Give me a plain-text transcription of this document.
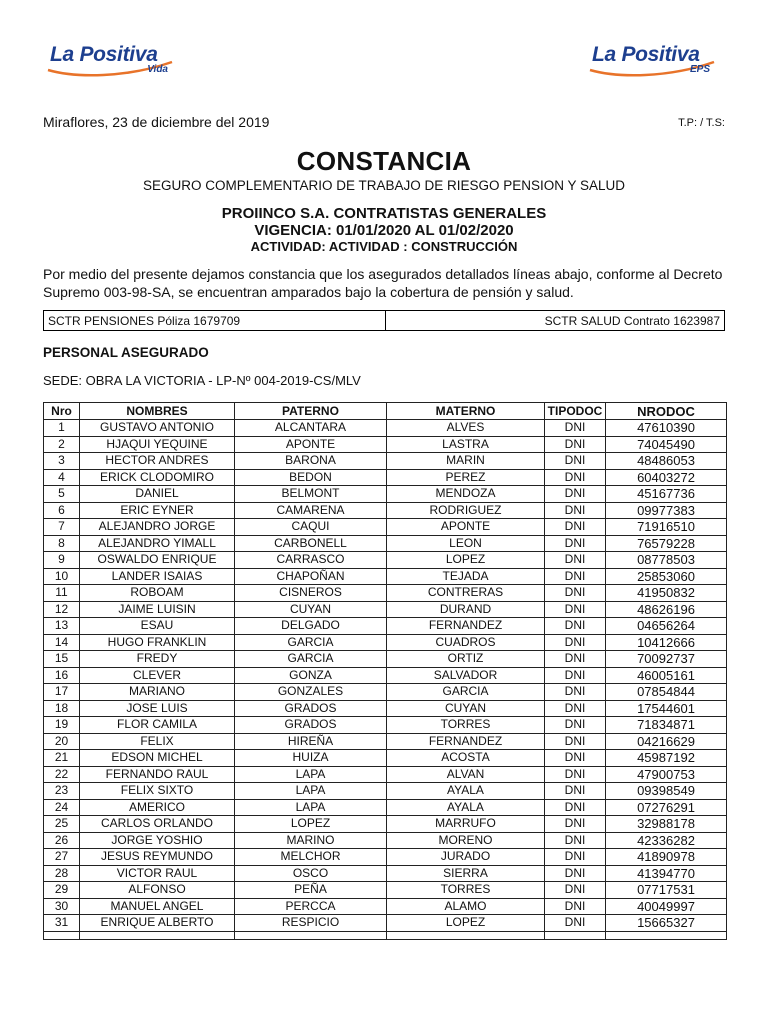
La Positiva
Vida
La Positiva
EPS
Miraflores, 23 de diciembre del 2019	T.P: / T.S:
CONSTANCIA
SEGURO COMPLEMENTARIO DE TRABAJO DE RIESGO PENSION Y SALUD
PROIINCO S.A. CONTRATISTAS GENERALES
VIGENCIA: 01/01/2020 AL 01/02/2020
ACTIVIDAD: ACTIVIDAD : CONSTRUCCIÓN
Por medio del presente dejamos constancia que los asegurados detallados líneas abajo, conforme al Decreto Supremo 003-98-SA, se encuentran amparados bajo la cobertura de pensión y salud.
SCTR PENSIONES Póliza 1679709	SCTR SALUD Contrato 1623987
PERSONAL ASEGURADO
SEDE: OBRA LA VICTORIA - LP-Nº 004-2019-CS/MLV
Nro	NOMBRES	PATERNO	MATERNO	TIPODOC	NRODOC
1	GUSTAVO ANTONIO	ALCANTARA	ALVES	DNI	47610390
2	HJAQUI YEQUINE	APONTE	LASTRA	DNI	74045490
3	HECTOR ANDRES	BARONA	MARIN	DNI	48486053
4	ERICK CLODOMIRO	BEDON	PEREZ	DNI	60403272
5	DANIEL	BELMONT	MENDOZA	DNI	45167736
6	ERIC EYNER	CAMARENA	RODRIGUEZ	DNI	09977383
7	ALEJANDRO JORGE	CAQUI	APONTE	DNI	71916510
8	ALEJANDRO YIMALL	CARBONELL	LEON	DNI	76579228
9	OSWALDO ENRIQUE	CARRASCO	LOPEZ	DNI	08778503
10	LANDER ISAIAS	CHAPOÑAN	TEJADA	DNI	25853060
11	ROBOAM	CISNEROS	CONTRERAS	DNI	41950832
12	JAIME LUISIN	CUYAN	DURAND	DNI	48626196
13	ESAU	DELGADO	FERNANDEZ	DNI	04656264
14	HUGO FRANKLIN	GARCIA	CUADROS	DNI	10412666
15	FREDY	GARCIA	ORTIZ	DNI	70092737
16	CLEVER	GONZA	SALVADOR	DNI	46005161
17	MARIANO	GONZALES	GARCIA	DNI	07854844
18	JOSE LUIS	GRADOS	CUYAN	DNI	17544601
19	FLOR CAMILA	GRADOS	TORRES	DNI	71834871
20	FELIX	HIREÑA	FERNANDEZ	DNI	04216629
21	EDSON MICHEL	HUIZA	ACOSTA	DNI	45987192
22	FERNANDO RAUL	LAPA	ALVAN	DNI	47900753
23	FELIX SIXTO	LAPA	AYALA	DNI	09398549
24	AMERICO	LAPA	AYALA	DNI	07276291
25	CARLOS ORLANDO	LOPEZ	MARRUFO	DNI	32988178
26	JORGE YOSHIO	MARINO	MORENO	DNI	42336282
27	JESUS REYMUNDO	MELCHOR	JURADO	DNI	41890978
28	VICTOR RAUL	OSCO	SIERRA	DNI	41394770
29	ALFONSO	PEÑA	TORRES	DNI	07717531
30	MANUEL ANGEL	PERCCA	ALAMO	DNI	40049997
31	ENRIQUE ALBERTO	RESPICIO	LOPEZ	DNI	15665327
